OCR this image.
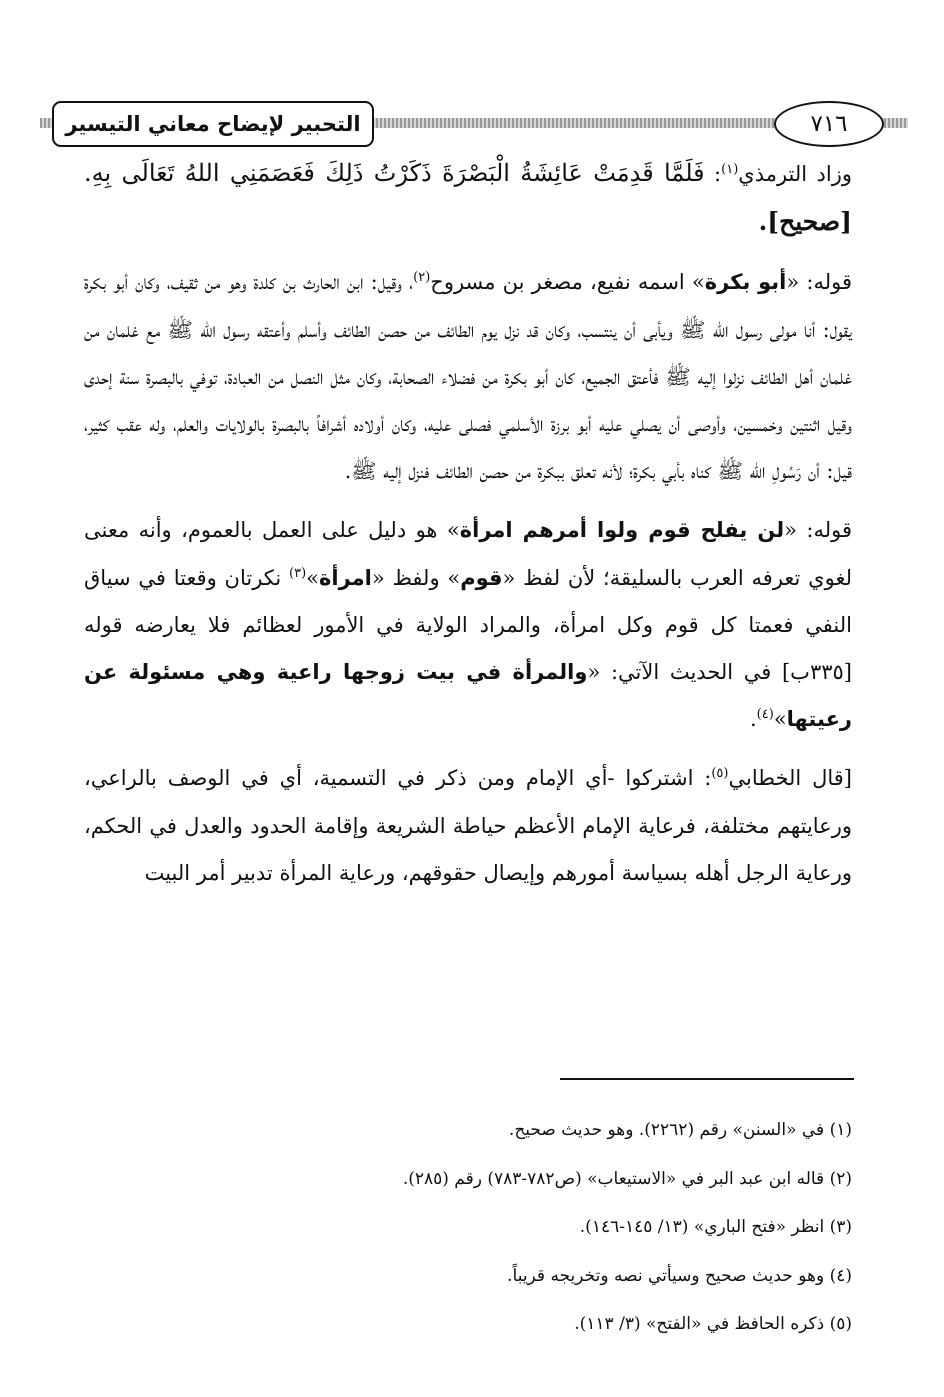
التحبير لإيضاح معاني التيسير	٧١٦

وزاد الترمذي$^{(١)}$: فَلَمَّا قَدِمَتْ عَائِشَةُ الْبَصْرَةَ ذَكَرْتُ ذَلِكَ فَعَصَمَنِي اللهُ تَعَالَى بِهِ. [صحيح].

قوله: «أبو بكرة» اسمه نفيع، مصغر بن مسروح$^{(٢)}$، وقيل: ابن الحارث بن كلدة وهو من ثقيف، وكان أبو بكرة يقول: أنا مولى رسول الله ﷺ ويأبى أن ينتسب، وكان قد نزل يوم الطائف من حصن الطائف وأسلم وأعتقه رسول الله ﷺ مع غلمان من غلمان أهل الطائف نزلوا إليه ﷺ فأعتق الجميع، كان أبو بكرة من فضلاء الصحابة، وكان مثل النصل من العبادة، توفي بالبصرة سنة إحدى وقيل اثنتين وخمسين، وأوصى أن يصلي عليه أبو برزة الأسلمي فصلى عليه، وكان أولاده أشرافاً بالبصرة بالولايات والعلم، وله عقب كثير، قيل: أن رَسُولِ الله ﷺ كناه بأبي بكرة؛ لأنه تعلق ببكرة من حصن الطائف فنزل إليه ﷺ.

قوله: «لن يفلح قوم ولوا أمرهم امرأة» هو دليل على العمل بالعموم، وأنه معنى لغوي تعرفه العرب بالسليقة؛ لأن لفظ «قوم» ولفظ «امرأة»$^{(٣)}$ نكرتان وقعتا في سياق النفي فعمتا كل قوم وكل امرأة، والمراد الولاية في الأمور لعظائم فلا يعارضه قوله [٣٣٥ب] في الحديث الآتي: «والمرأة في بيت زوجها راعية وهي مسئولة عن رعيتها»$^{(٤)}$.

[قال الخطابي$^{(٥)}$: اشتركوا -أي الإمام ومن ذكر في التسمية، أي في الوصف بالراعي، ورعايتهم مختلفة، فرعاية الإمام الأعظم حياطة الشريعة وإقامة الحدود والعدل في الحكم، ورعاية الرجل أهله بسياسة أمورهم وإيصال حقوقهم، ورعاية المرأة تدبير أمر البيت

(١) في «السنن» رقم (٢٢٦٢). وهو حديث صحيح.
(٢) قاله ابن عبد البر في «الاستيعاب» (ص٧٨٢-٧٨٣) رقم (٢٨٥).
(٣) انظر «فتح الباري» (١٣/ ١٤٥-١٤٦).
(٤) وهو حديث صحيح وسيأتي نصه وتخريجه قريباً.
(٥) ذكره الحافظ في «الفتح» (٣/ ١١٣).
